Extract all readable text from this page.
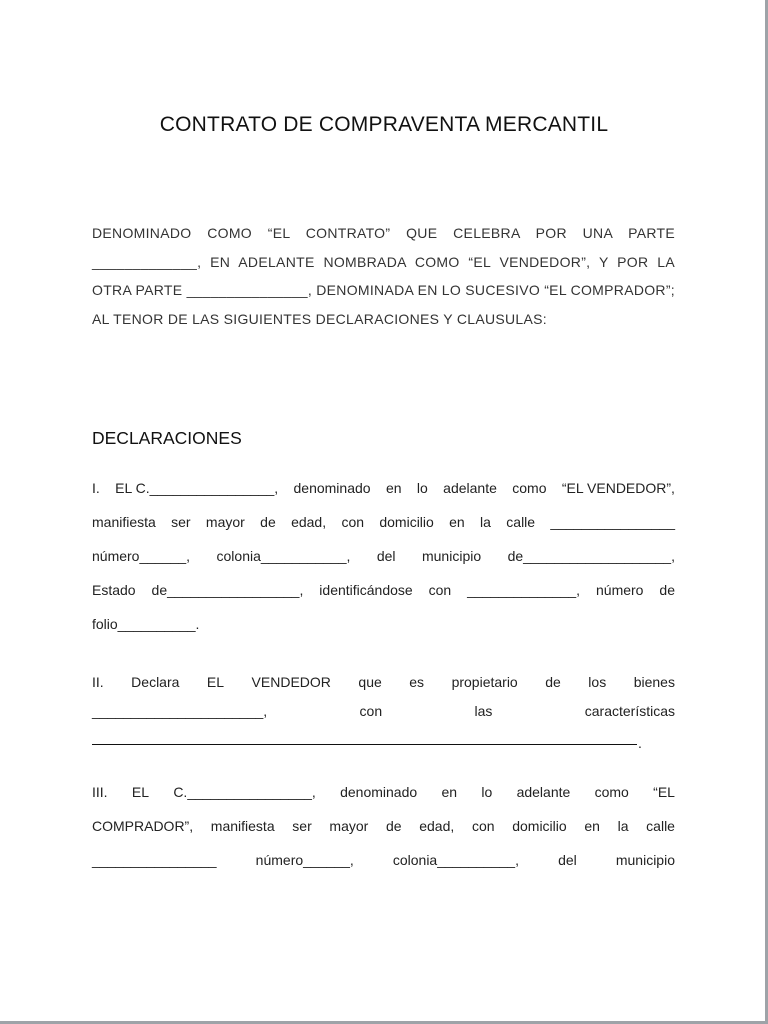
CONTRATO DE COMPRAVENTA MERCANTIL

DENOMINADO COMO “EL CONTRATO” QUE CELEBRA POR UNA PARTE _____________, EN ADELANTE NOMBRADA COMO “EL VENDEDOR”, Y POR LA OTRA PARTE _______________, DENOMINADA EN LO SUCESIVO “EL COMPRADOR”; AL TENOR DE LAS SIGUIENTES DECLARACIONES Y CLAUSULAS:

DECLARACIONES
I. EL C.________________, denominado en lo adelante como “EL VENDEDOR”,
manifiesta ser mayor de edad, con domicilio en la calle ________________
número______, colonia___________, del municipio de___________________,
Estado de_________________, identificándose con ______________, número de
folio__________.
II. Declara EL VENDEDOR que es propietario de los bienes
______________________,	con	las	características
.
III. EL C.________________, denominado en lo adelante como “EL
COMPRADOR”, manifiesta ser mayor de edad, con domicilio en la calle
________________	número______,	colonia__________,	del	municipio
